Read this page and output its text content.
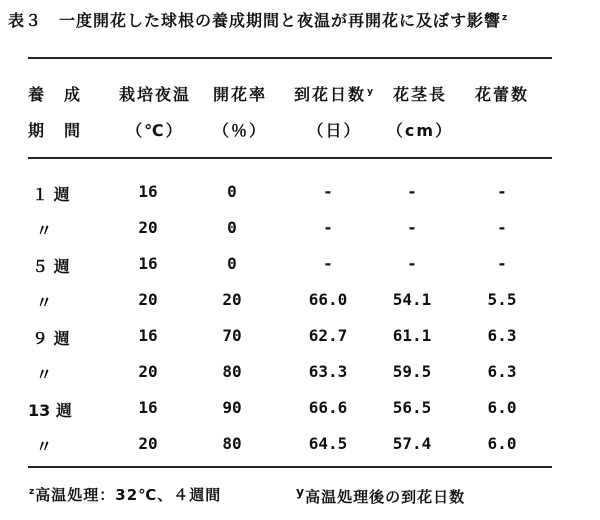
表３　一度開花した球根の養成期間と夜温が再開花に及ぼす影響$^z$
養　成	栽培夜温	開花率	到花日数$^y$	花茎長	花蕾数
期　間	（℃）	（％）	（日）	（cm）
１ 週	16	0	-	-	-
〃	20	0	-	-	-
５ 週	16	0	-	-	-
〃	20	20	66.0	54.1	5.5
９ 週	16	70	62.7	61.1	6.3
〃	20	80	63.3	59.5	6.3
13 週	16	90	66.6	56.5	6.0
〃	20	80	64.5	57.4	6.0
$^z$高温処理：32℃、４週間	$^y$高温処理後の到花日数
